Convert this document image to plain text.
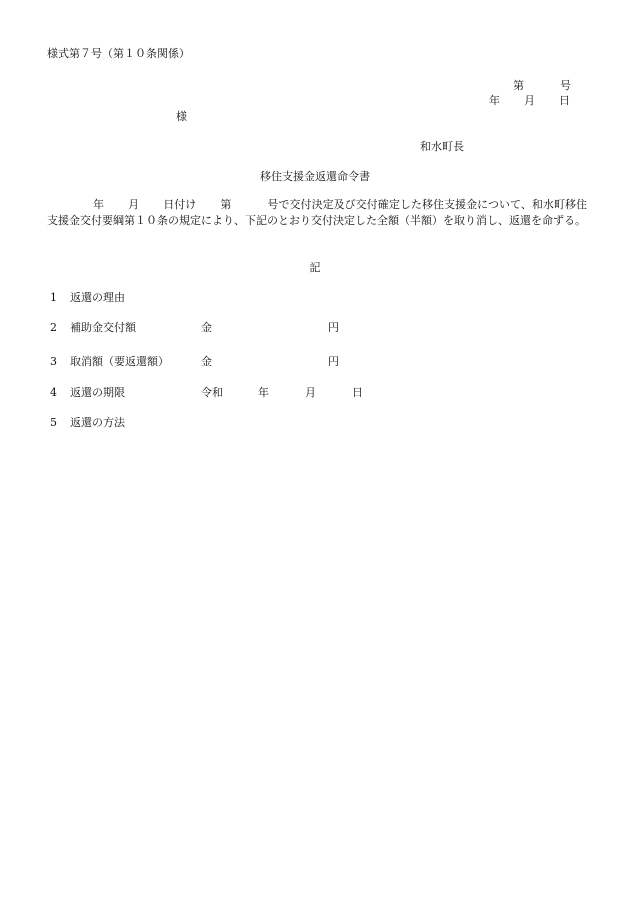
様式第７号（第１０条関係）
第	号
年 月 日
様
和水町長
移住支援金返還命令書
年 月 日付け 第	号で交付決定及び交付確定した移住支援金について、和水町移住支援金交付要綱第１０条の規定により、下記のとおり交付決定した全額（半額）を取り消し、返還を命ずる。
記
1 返還の理由
2 補助金交付額	金	円
3 取消額（要返還額）	金	円
4 返還の期限	令和	年	月	日
5 返還の方法
